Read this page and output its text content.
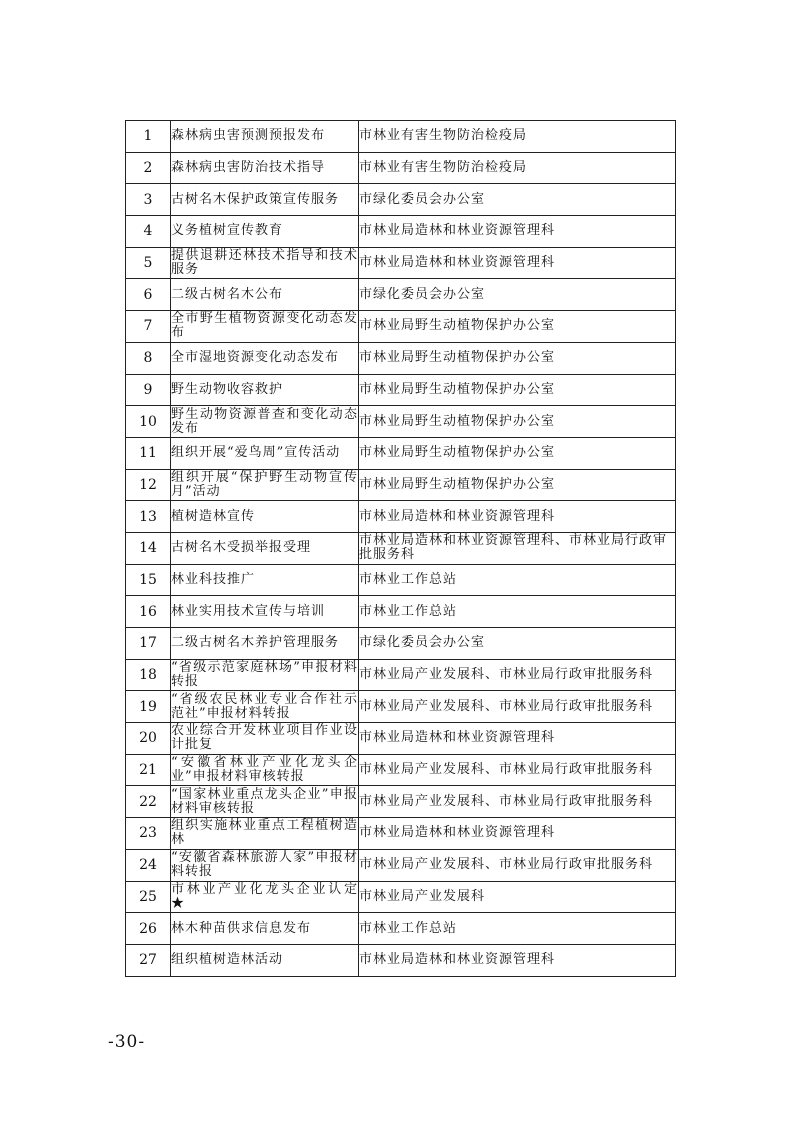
1	森林病虫害预测预报发布	市林业有害生物防治检疫局
2	森林病虫害防治技术指导	市林业有害生物防治检疫局
3	古树名木保护政策宣传服务	市绿化委员会办公室
4	义务植树宣传教育	市林业局造林和林业资源管理科
5	提供退耕还林技术指导和技术服务	市林业局造林和林业资源管理科
6	二级古树名木公布	市绿化委员会办公室
7	全市野生植物资源变化动态发布	市林业局野生动植物保护办公室
8	全市湿地资源变化动态发布	市林业局野生动植物保护办公室
9	野生动物收容救护	市林业局野生动植物保护办公室
10	野生动物资源普查和变化动态发布	市林业局野生动植物保护办公室
11	组织开展“爱鸟周”宣传活动	市林业局野生动植物保护办公室
12	组织开展“保护野生动物宣传月”活动	市林业局野生动植物保护办公室
13	植树造林宣传	市林业局造林和林业资源管理科
14	古树名木受损举报受理	市林业局造林和林业资源管理科、市林业局行政审批服务科
15	林业科技推广	市林业工作总站
16	林业实用技术宣传与培训	市林业工作总站
17	二级古树名木养护管理服务	市绿化委员会办公室
18	“省级示范家庭林场”申报材料转报	市林业局产业发展科、市林业局行政审批服务科
19	“省级农民林业专业合作社示范社”申报材料转报	市林业局产业发展科、市林业局行政审批服务科
20	农业综合开发林业项目作业设计批复	市林业局造林和林业资源管理科
21	“安徽省林业产业化龙头企业”申报材料审核转报	市林业局产业发展科、市林业局行政审批服务科
22	“国家林业重点龙头企业”申报材料审核转报	市林业局产业发展科、市林业局行政审批服务科
23	组织实施林业重点工程植树造林	市林业局造林和林业资源管理科
24	“安徽省森林旅游人家”申报材料转报	市林业局产业发展科、市林业局行政审批服务科
25	市林业产业化龙头企业认定 ★	市林业局产业发展科
26	林木种苗供求信息发布	市林业工作总站
27	组织植树造林活动	市林业局造林和林业资源管理科
-30-
